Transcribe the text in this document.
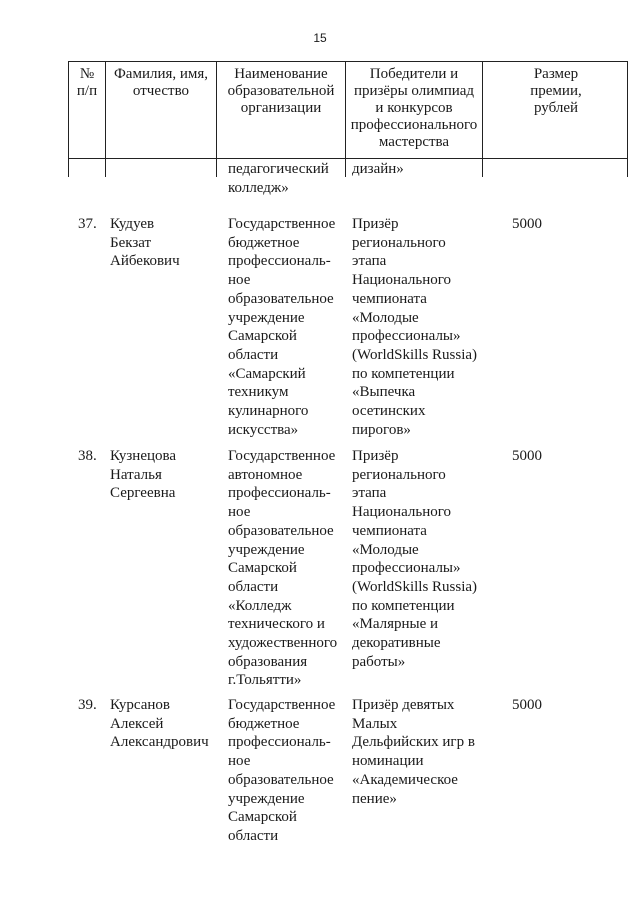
15
№
п/п
Фамилия, имя,
отчество
Наименование
образовательной
организации
Победители и
призёры олимпиад
и конкурсов
профессионального
мастерства
Размер
премии,
рублей
педагогический
колледж»
дизайн»
37. Кудуев
Бекзат
Айбекович
Государственное
бюджетное
профессиональ-
ное
образовательное
учреждение
Самарской
области
«Самарский
техникум
кулинарного
искусства»
Призёр
регионального
этапа
Национального
чемпионата
«Молодые
профессионалы»
(WorldSkills Russia)
по компетенции
«Выпечка
осетинских
пирогов»
5000
38. Кузнецова
Наталья
Сергеевна
Государственное
автономное
профессиональ-
ное
образовательное
учреждение
Самарской
области
«Колледж
технического и
художественного
образования
г.Тольятти»
Призёр
регионального
этапа
Национального
чемпионата
«Молодые
профессионалы»
(WorldSkills Russia)
по компетенции
«Малярные и
декоративные
работы»
5000
39. Курсанов
Алексей
Александрович
Государственное
бюджетное
профессиональ-
ное
образовательное
учреждение
Самарской
области
Призёр девятых
Малых
Дельфийских игр в
номинации
«Академическое
пение»
5000
